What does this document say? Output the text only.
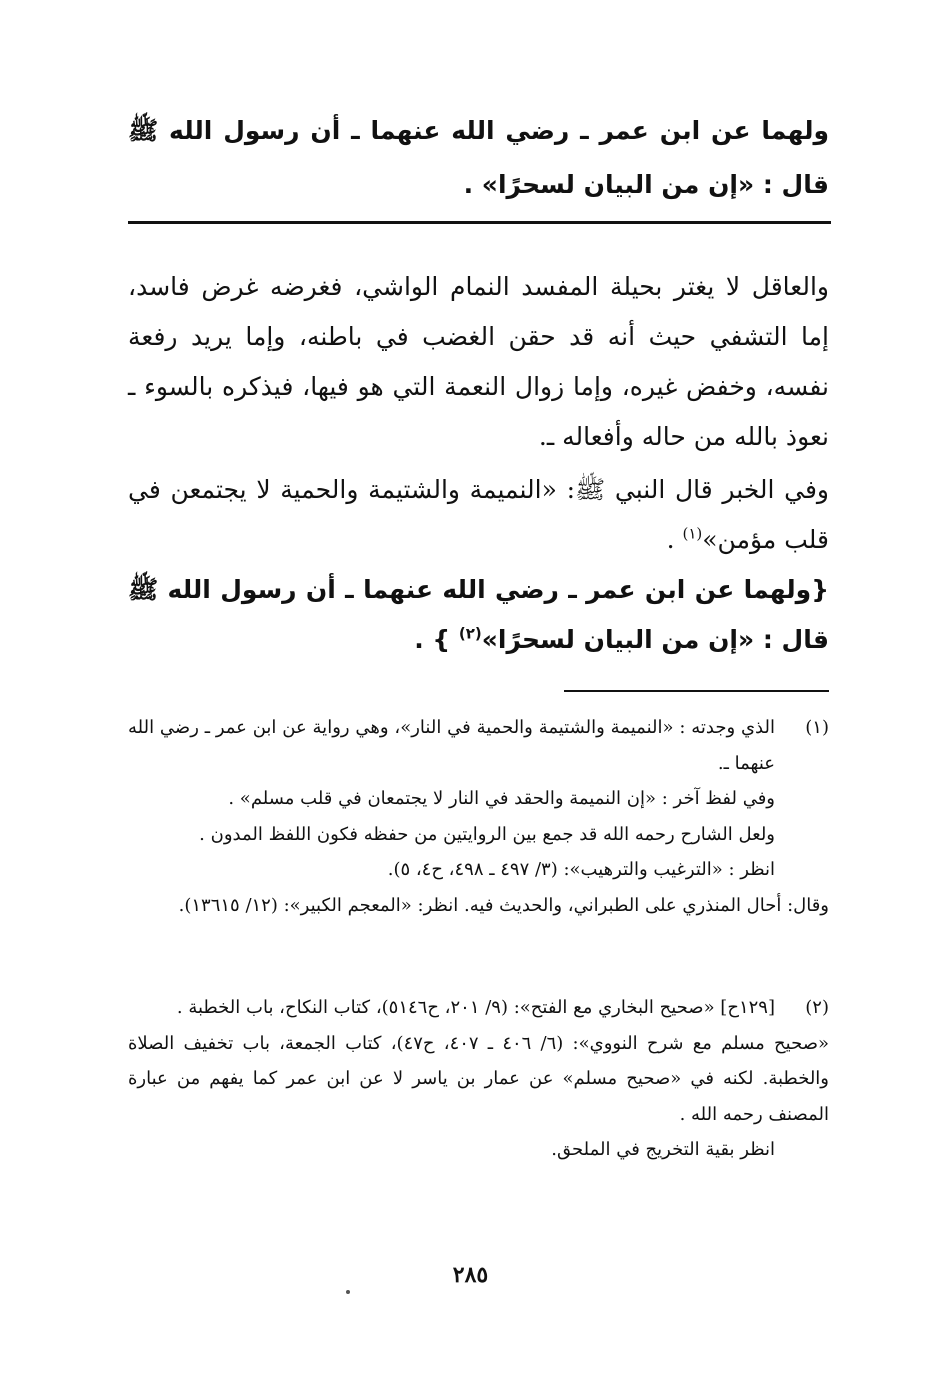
ولهما عن ابن عمر ـ رضي الله عنهما ـ أن رسول الله ﷺ قال : «إن من البيان لسحرًا» .
والعاقل لا يغتر بحيلة المفسد النمام الواشي، فغرضه غرض فاسد، إما التشفي حيث أنه قد حقن الغضب في باطنه، وإما يريد رفعة نفسه، وخفض غيره، وإما زوال النعمة التي هو فيها، فيذكره بالسوء ـ نعوذ بالله من حاله وأفعاله ـ.
وفي الخبر قال النبي ﷺ: «النميمة والشتيمة والحمية لا يجتمعن في قلب مؤمن»$^{(١)}$ .
{ولهما عن ابن عمر ـ رضي الله عنهما ـ أن رسول الله ﷺ قال : «إن من البيان لسحرًا»$^{(٢)}$ } .
(١)
الذي وجدته : «النميمة والشتيمة والحمية في النار»، وهي رواية عن ابن عمر ـ رضي الله عنهما ـ.
وفي لفظ آخر : «إن النميمة والحقد في النار لا يجتمعان في قلب مسلم» .
ولعل الشارح رحمه الله قد جمع بين الروايتين من حفظه فكون اللفظ المدون .
انظر : «الترغيب والترهيب»: (٣/ ٤٩٧ ـ ٤٩٨، ح٤، ٥).
وقال: أحال المنذري على الطبراني، والحديث فيه. انظر: «المعجم الكبير»: (١٢/ ١٣٦١٥).
(٢)
[١٢٩ح] «صحيح البخاري مع الفتح»: (٩/ ٢٠١، ح٥١٤٦)، كتاب النكاح، باب الخطبة .
«صحيح مسلم مع شرح النووي»: (٦/ ٤٠٦ ـ ٤٠٧، ح٤٧)، كتاب الجمعة، باب تخفيف الصلاة والخطبة. لكنه في «صحيح مسلم» عن عمار بن ياسر لا عن ابن عمر كما يفهم من عبارة المصنف رحمه الله .
انظر بقية التخريج في الملحق.
٢٨٥
